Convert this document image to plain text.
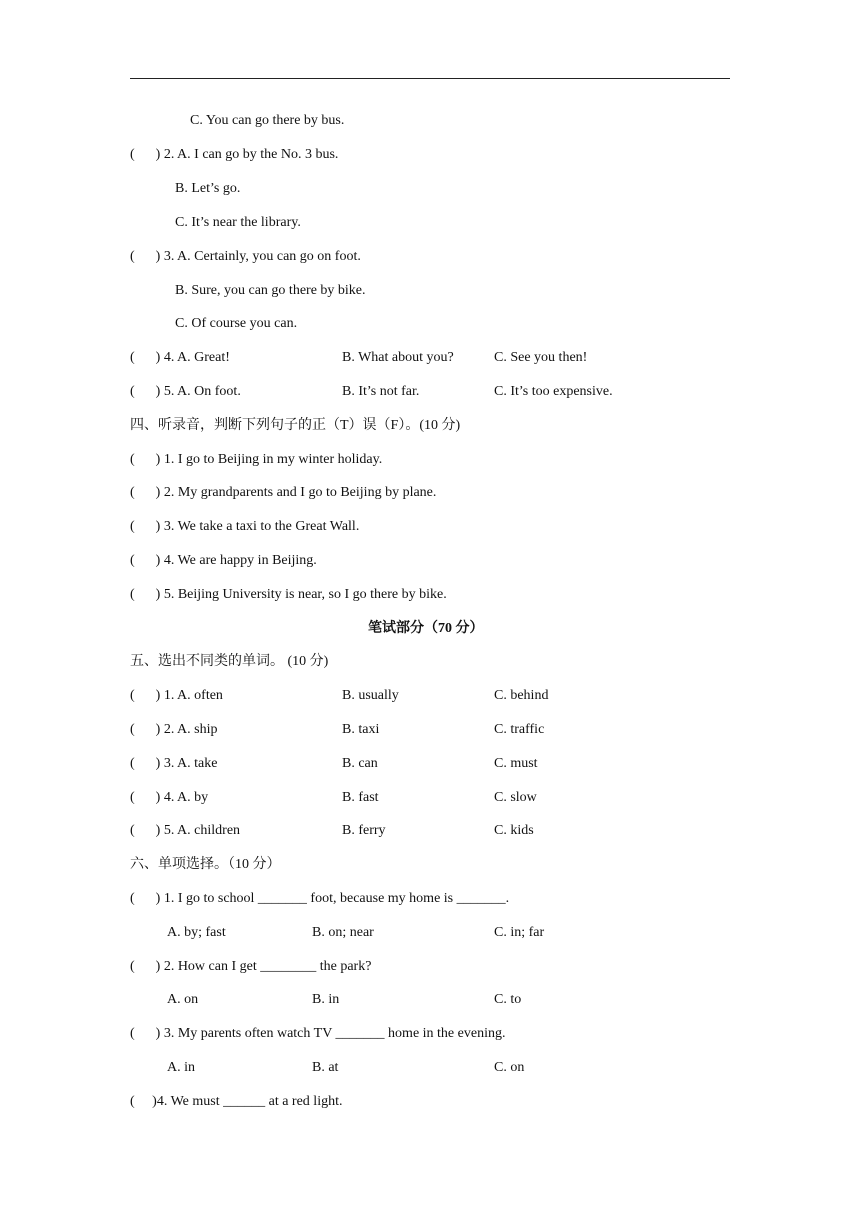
C. You can go there by bus.
(      ) 2. A. I can go by the No. 3 bus.
B. Let’s go.
C. It’s near the library.
(      ) 3. A. Certainly, you can go on foot.
B. Sure, you can go there by bike.
C. Of course you can.
(      ) 4. A. Great!	B. What about you?	C. See you then!
(      ) 5. A. On foot.	B. It’s not far.	C. It’s too expensive.
四、听录音，判断下列句子的正（T）误（F）。(10 分)
(      ) 1. I go to Beijing in my winter holiday.
(      ) 2. My grandparents and I go to Beijing by plane.
(      ) 3. We take a taxi to the Great Wall.
(      ) 4. We are happy in Beijing.
(      ) 5. Beijing University is near, so I go there by bike.
笔试部分（70 分）
五、选出不同类的单词。 (10 分)
(      ) 1. A. often	B. usually	C. behind
(      ) 2. A. ship	B. taxi	C. traffic
(      ) 3. A. take	B. can	C. must
(      ) 4. A. by	B. fast	C. slow
(      ) 5. A. children	B. ferry	C. kids
六、单项选择。（10 分）
(      ) 1. I go to school _______ foot, because my home is _______.
A. by; fast	B. on; near	C. in; far
(      ) 2. How can I get ________ the park?
A. on	B. in	C. to
(      ) 3. My parents often watch TV _______ home in the evening.
A. in	B. at	C. on
(     )4. We must ______ at a red light.
